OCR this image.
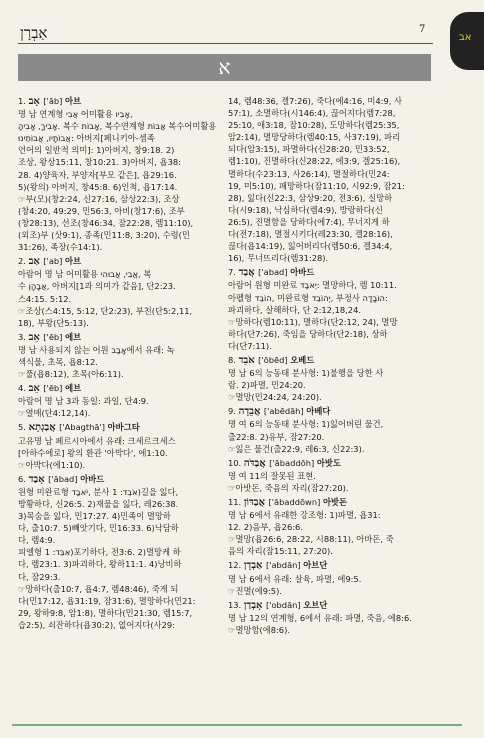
אַבְרָן	7
אב
א
1. אָב ['āb] 아브
명 남 연계형 אֲבִי 어미활용 אָבִיו,
אָבִיךָ, אָבִיהָ. 복수 אָבוֹת, 복수연계형 אֲבוֹת 복수어미활용
אֲבוֹתָיו, אֲבוֹתֵינוּ: 아버지[페니키아-셈족
언어의 일반적 의미]: 1)아버지, 창9:18. 2)
조상, 왕상15:11, 창10:21. 3)아버지, 욥38:
28. 4)양육자, 부양자[부모 같은], 욥29:16.
5)(왕의) 아버지, 창45:8. 6)인척, 욥17:14.
☞부(모)(창2:24, 신27:16, 삼상22:3), 조상
(창4:20, 49:29, 민56:3, 아비(창17:6), 조부
(창28:13), 선조(창46:34, 잠22:28, 렘11:10),
(외조)부 (삿9:1), 종족(민11:8, 3:20), 수령(민
31:26), 족장(수14:1).
2. אַב ['ab] 아브
아람어 명 남 어미활용 אֲבִי, אֲבוּהִי, 복
수 אֲבָהָן, 아버지[1과 의미가 같음], 단2:23.
스4:15. 5:12.
☞조상(스4:15, 5:12, 단2:23), 부친(단5:2,11,
18), 부왕(단5:13).
3. אֵב ['ēb] 에브
명 남 사용되지 않는 어원 אָבַב에서 유래: 녹
색식물, 초목, 욥8:12.
☞풀(욥8:12), 초목(아6:11).
4. אֵב ['ēb] 에브
아람어 명 남 3과 동일: 과일, 단4:9.
☞열매(단4:12,14).
5. אֲבַגְתָא ['Abagthā'] 아바그타
고유명 남 페르시아에서 유래: 크세르크세스
[아하수에로] 왕의 환관 '아박다', 에1:10.
☞아박다(에1:10).
6. אָבַד ['ābad] 아바드
원형 미완료형 יֹאבַד, 분사 אֹבֵד: 1)길을 잃다,
방황하다, 신26:5. 2)재물을 잃다, 레26:38.
3)목숨을 잃다, 민17:27. 4)민족이 멸망하
다, 출10:7. 5)빼앗기다, 민16:33. 6)낙담하
다, 렘4:9.
피엘형 אִבֵּד: 1)포기하다, 전3:6. 2)멸망케 하
다, 렘23:1. 3)파괴하다, 왕하11:1. 4)낭비하
다, 잠29:3.
☞망하다(출10:7, 욥4:7, 렘48:46), 죽게 되
다(민17:12, 욥31:19, 잠31:6), 멸망하다(민21:
29, 왕하9:8, 암1:8), 멸하다(민21:30, 렘15:7,
습2:5), 쇠잔하다(욥30:2), 없어지다(사29:
14, 렘48:36, 겔7:26), 죽다(에4:16, 미4:9, 사
57:1), 소멸하다(시146:4), 끊어지다(렘7:28,
25:10, 애3:18, 잠10:28), 도망하다(렘25:35,
암2:14), 멸망당하다(렘40:15, 사37:19), 파리
되다(암3:15), 파멸하다(신28:20, 민33:52,
렘1:10), 진멸하다(신28:22, 에3:9, 겔25:16),
멸하다(수23:13, 사26:14), 멸절하다(민24:
19, 미5:10), 패망하다(잠11:10, 시92:9, 잠21:
28), 잃다(신22:3, 삼상9:20, 전3:6), 실망하
다(시9:18), 낙심하다(렘4:9), 방랑하다(신
26:5), 진멸함을 당하다(에7:4), 무너지게 하
다(전7:18), 멸절시키다(레23:30, 겔28:16),
끊다(욥14:19), 잃어버리다(렘50:6, 겔34:4,
16), 무너뜨리다(렘31:28).
7. אֲבַד ['abad] 아바드
아람어 원형 미완료 יֵאבַד: 멸망하다, 렘 10:11.
아펠형 הוֹבֵד, 미완료형 יְהוֹבֵד, 부정사 הוֹבָדָה:
파괴하다, 살해하다, 단 2:12,18,24.
☞망하다(렘10:11), 멸하다(단2:12, 24), 멸망
하다(단7:26), 죽임을 당하다(단2:18), 상하
다(단7:11).
8. אֹבֵד ['ōbēd] 오베드
명 남 6의 능동태 분사형: 1)불행을 당한 사
람. 2)파멸, 민24:20.
☞멸망(민24:24, 24:20).
9. אֲבֵדָה ['abēdāh] 아베다
명 여 6의 능동태 분사형: 1)잃어버린 물건,
출22:8. 2)유부, 잠27:20.
☞잃은 물건(출22:9, 레6:3, 신22:3).
10. אֲבַדֹּה ['ăbaddōh] 아밧도
명 여 11의 잘못된 표현.
☞아밧돈, 죽음의 자리(잠27:20).
11. אֲבַדּוֹן ['ăbaddōwn] 아밧돈
명 남 6에서 유래한 강조형: 1)파멸, 욥31:
12. 2)음부, 욥26:6.
☞멸망(욥26:6, 28:22, 시88:11), 아바돈, 죽
음의 자리(잠15:11, 27:20).
12. אַבְדָן ['abdān] 아브단
명 남 6에서 유래: 살육, 파멸, 에9:5.
☞진멸(에9:5).
13. אָבְדַן ['obdān] 오브단
명 남 12의 연계형, 6에서 유래: 파멸, 죽음, 에8:6.
☞멸망함(에8:6).
